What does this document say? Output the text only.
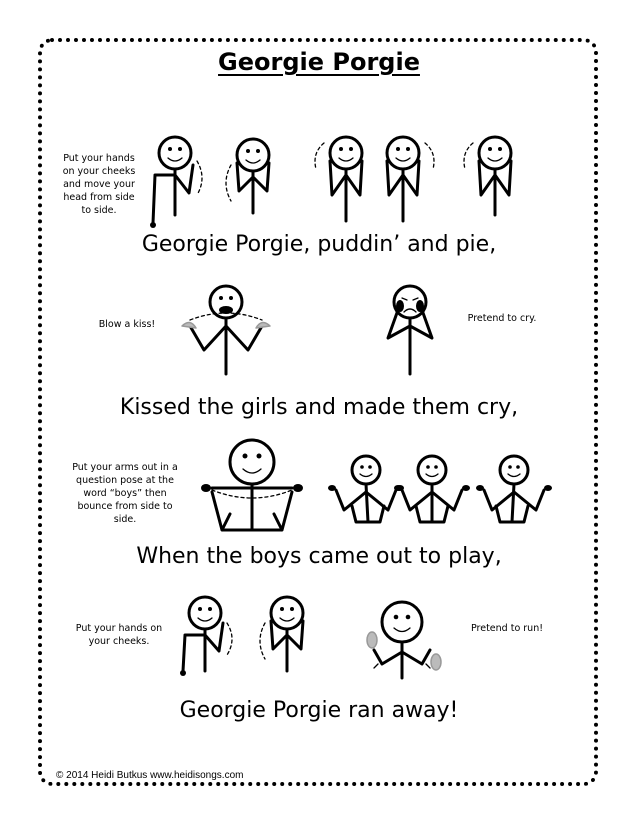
Georgie Porgie
Put your hands on your cheeks and move your head from side to side.
Georgie Porgie, puddin’ and pie,
Blow a kiss!
Pretend to cry.
Kissed the girls and made them cry,
Put your arms out in a question pose at the word “boys” then bounce from side to side.
When the boys came out to play,
Put your hands on your cheeks.
Pretend to run!
Georgie Porgie ran away!
© 2014 Heidi Butkus www.heidisongs.com
